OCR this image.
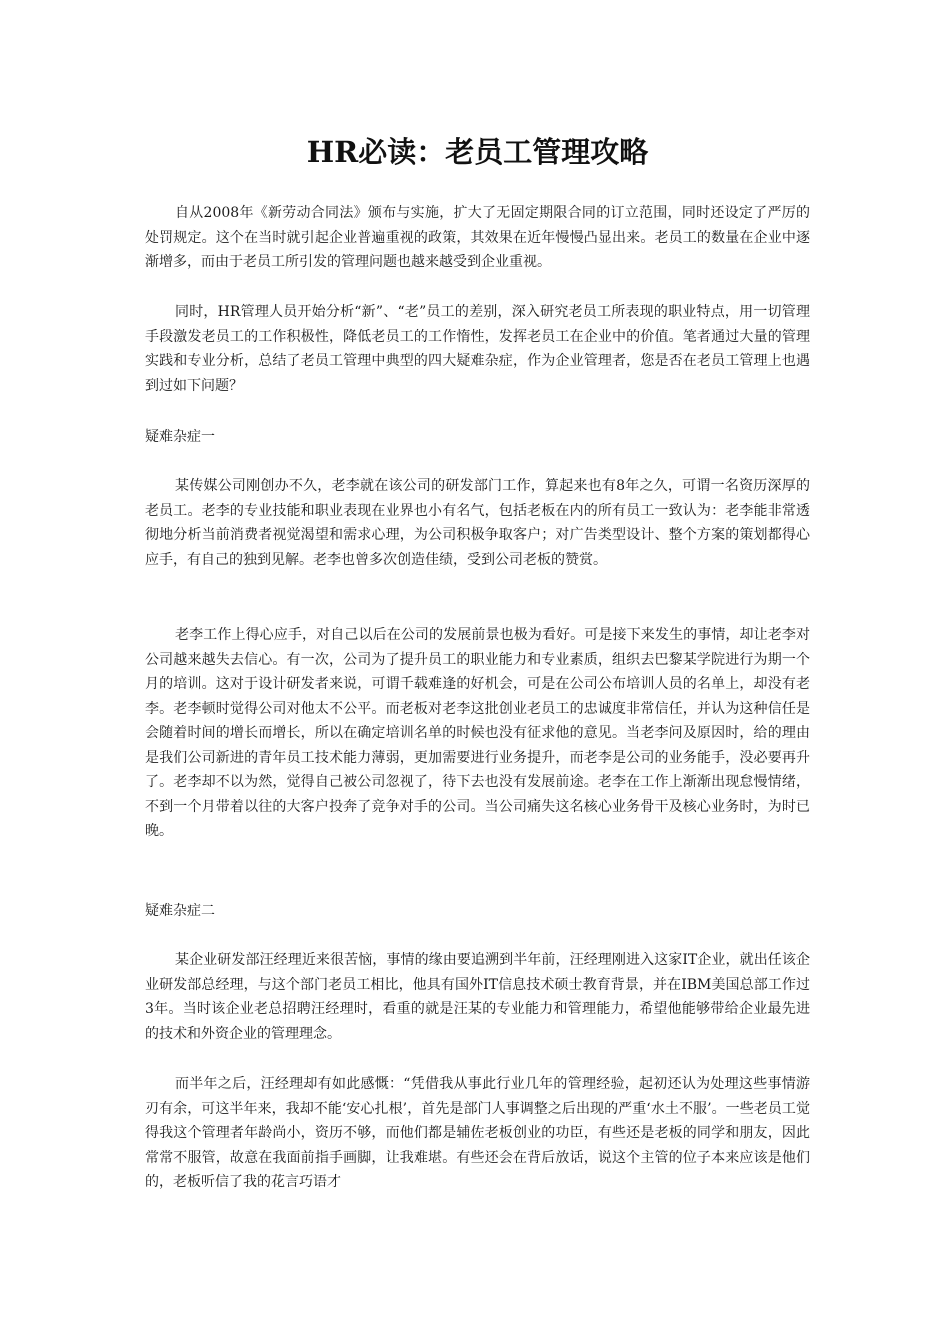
HR必读：老员工管理攻略

自从2008年《新劳动合同法》颁布与实施，扩大了无固定期限合同的订立范围，同时还设定了严厉的处罚规定。这个在当时就引起企业普遍重视的政策，其效果在近年慢慢凸显出来。老员工的数量在企业中逐渐增多，而由于老员工所引发的管理问题也越来越受到企业重视。

同时，HR管理人员开始分析“新”、“老”员工的差别，深入研究老员工所表现的职业特点，用一切管理手段激发老员工的工作积极性，降低老员工的工作惰性，发挥老员工在企业中的价值。笔者通过大量的管理实践和专业分析，总结了老员工管理中典型的四大疑难杂症，作为企业管理者，您是否在老员工管理上也遇到过如下问题？

疑难杂症一

某传媒公司刚创办不久，老李就在该公司的研发部门工作，算起来也有8年之久，可谓一名资历深厚的老员工。老李的专业技能和职业表现在业界也小有名气，包括老板在内的所有员工一致认为：老李能非常透彻地分析当前消费者视觉渴望和需求心理，为公司积极争取客户；对广告类型设计、整个方案的策划都得心应手，有自己的独到见解。老李也曾多次创造佳绩，受到公司老板的赞赏。

老李工作上得心应手，对自己以后在公司的发展前景也极为看好。可是接下来发生的事情，却让老李对公司越来越失去信心。有一次，公司为了提升员工的职业能力和专业素质，组织去巴黎某学院进行为期一个月的培训。这对于设计研发者来说，可谓千载难逢的好机会，可是在公司公布培训人员的名单上，却没有老李。老李顿时觉得公司对他太不公平。而老板对老李这批创业老员工的忠诚度非常信任，并认为这种信任是会随着时间的增长而增长，所以在确定培训名单的时候也没有征求他的意见。当老李问及原因时，给的理由是我们公司新进的青年员工技术能力薄弱，更加需要进行业务提升，而老李是公司的业务能手，没必要再升了。老李却不以为然，觉得自己被公司忽视了，待下去也没有发展前途。老李在工作上渐渐出现怠慢情绪，不到一个月带着以往的大客户投奔了竞争对手的公司。当公司痛失这名核心业务骨干及核心业务时，为时已晚。

疑难杂症二

某企业研发部汪经理近来很苦恼，事情的缘由要追溯到半年前，汪经理刚进入这家IT企业，就出任该企业研发部总经理，与这个部门老员工相比，他具有国外IT信息技术硕士教育背景，并在IBM美国总部工作过3年。当时该企业老总招聘汪经理时，看重的就是汪某的专业能力和管理能力，希望他能够带给企业最先进的技术和外资企业的管理理念。

而半年之后，汪经理却有如此感慨：“凭借我从事此行业几年的管理经验，起初还认为处理这些事情游刃有余，可这半年来，我却不能‘安心扎根’，首先是部门人事调整之后出现的严重‘水土不服’。一些老员工觉得我这个管理者年龄尚小，资历不够，而他们都是辅佐老板创业的功臣，有些还是老板的同学和朋友，因此常常不服管，故意在我面前指手画脚，让我难堪。有些还会在背后放话，说这个主管的位子本来应该是他们的，老板听信了我的花言巧语才
